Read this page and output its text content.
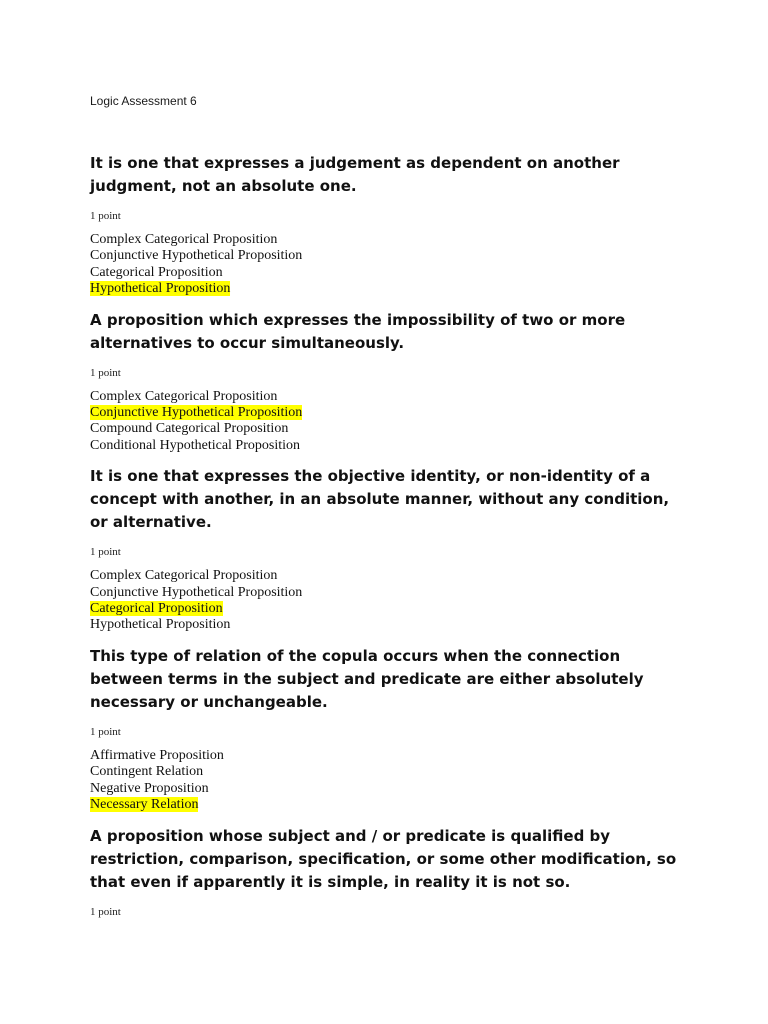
Logic Assessment 6

It is one that expresses a judgement as dependent on another judgment, not an absolute one.

1 point

Complex Categorical Proposition
Conjunctive Hypothetical Proposition
Categorical Proposition
Hypothetical Proposition

A proposition which expresses the impossibility of two or more alternatives to occur simultaneously.

1 point

Complex Categorical Proposition
Conjunctive Hypothetical Proposition
Compound Categorical Proposition
Conditional Hypothetical Proposition

It is one that expresses the objective identity, or non-identity of a concept with another, in an absolute manner, without any condition, or alternative.

1 point

Complex Categorical Proposition
Conjunctive Hypothetical Proposition
Categorical Proposition
Hypothetical Proposition

This type of relation of the copula occurs when the connection between terms in the subject and predicate are either absolutely necessary or unchangeable.

1 point

Affirmative Proposition
Contingent Relation
Negative Proposition
Necessary Relation

A proposition whose subject and / or predicate is qualified by restriction, comparison, specification, or some other modification, so that even if apparently it is simple, in reality it is not so.

1 point
